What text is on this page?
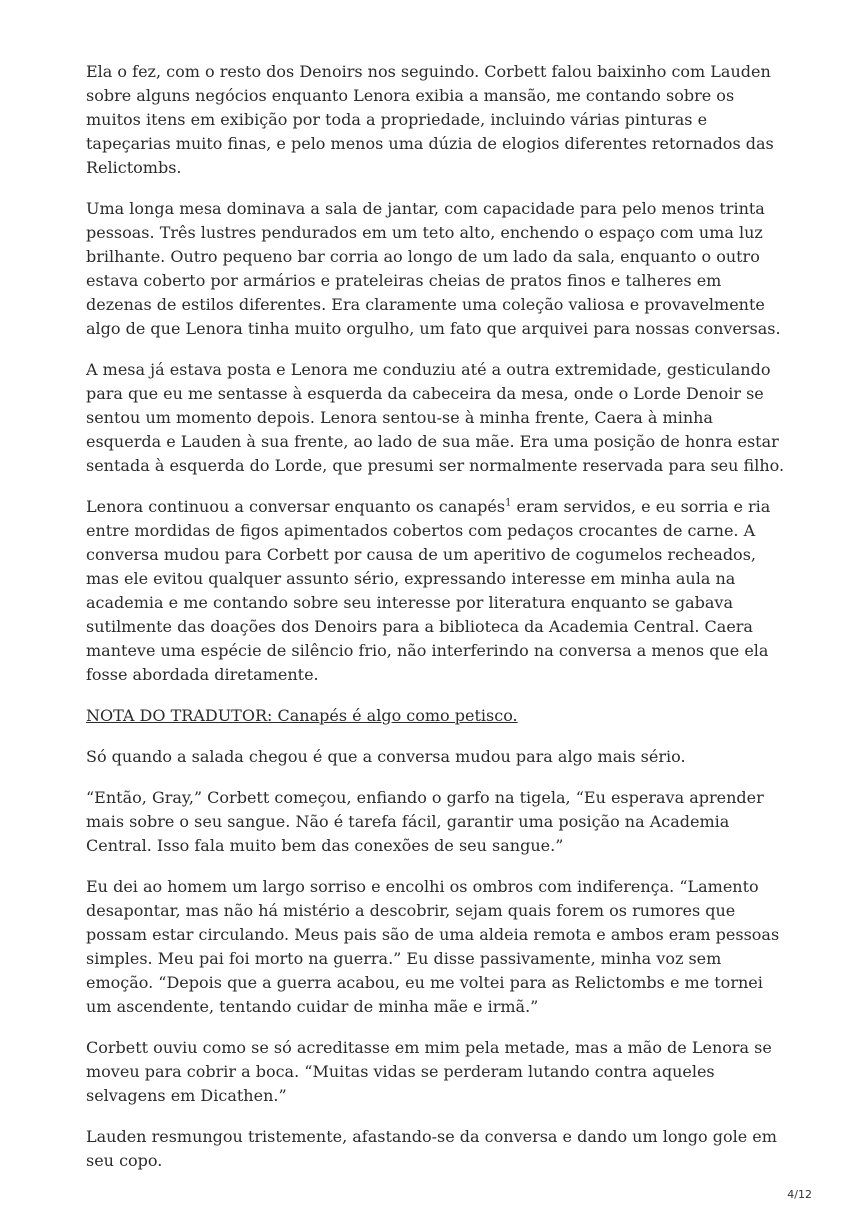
Ela o fez, com o resto dos Denoirs nos seguindo. Corbett falou baixinho com Lauden sobre alguns negócios enquanto Lenora exibia a mansão, me contando sobre os muitos itens em exibição por toda a propriedade, incluindo várias pinturas e tapeçarias muito finas, e pelo menos uma dúzia de elogios diferentes retornados das Relictombs.

Uma longa mesa dominava a sala de jantar, com capacidade para pelo menos trinta pessoas. Três lustres pendurados em um teto alto, enchendo o espaço com uma luz brilhante. Outro pequeno bar corria ao longo de um lado da sala, enquanto o outro estava coberto por armários e prateleiras cheias de pratos finos e talheres em dezenas de estilos diferentes. Era claramente uma coleção valiosa e provavelmente algo de que Lenora tinha muito orgulho, um fato que arquivei para nossas conversas.

A mesa já estava posta e Lenora me conduziu até a outra extremidade, gesticulando para que eu me sentasse à esquerda da cabeceira da mesa, onde o Lorde Denoir se sentou um momento depois. Lenora sentou-se à minha frente, Caera à minha esquerda e Lauden à sua frente, ao lado de sua mãe. Era uma posição de honra estar sentada à esquerda do Lorde, que presumi ser normalmente reservada para seu filho.

Lenora continuou a conversar enquanto os canapés$^1$ eram servidos, e eu sorria e ria entre mordidas de figos apimentados cobertos com pedaços crocantes de carne. A conversa mudou para Corbett por causa de um aperitivo de cogumelos recheados, mas ele evitou qualquer assunto sério, expressando interesse em minha aula na academia e me contando sobre seu interesse por literatura enquanto se gabava sutilmente das doações dos Denoirs para a biblioteca da Academia Central. Caera manteve uma espécie de silêncio frio, não interferindo na conversa a menos que ela fosse abordada diretamente.

NOTA DO TRADUTOR: Canapés é algo como petisco.

Só quando a salada chegou é que a conversa mudou para algo mais sério.

“Então, Gray,” Corbett começou, enfiando o garfo na tigela, “Eu esperava aprender mais sobre o seu sangue. Não é tarefa fácil, garantir uma posição na Academia Central. Isso fala muito bem das conexões de seu sangue.”

Eu dei ao homem um largo sorriso e encolhi os ombros com indiferença. “Lamento desapontar, mas não há mistério a descobrir, sejam quais forem os rumores que possam estar circulando. Meus pais são de uma aldeia remota e ambos eram pessoas simples. Meu pai foi morto na guerra.” Eu disse passivamente, minha voz sem emoção. “Depois que a guerra acabou, eu me voltei para as Relictombs e me tornei um ascendente, tentando cuidar de minha mãe e irmã.”

Corbett ouviu como se só acreditasse em mim pela metade, mas a mão de Lenora se moveu para cobrir a boca. “Muitas vidas se perderam lutando contra aqueles selvagens em Dicathen.”

Lauden resmungou tristemente, afastando-se da conversa e dando um longo gole em seu copo.

4/12
